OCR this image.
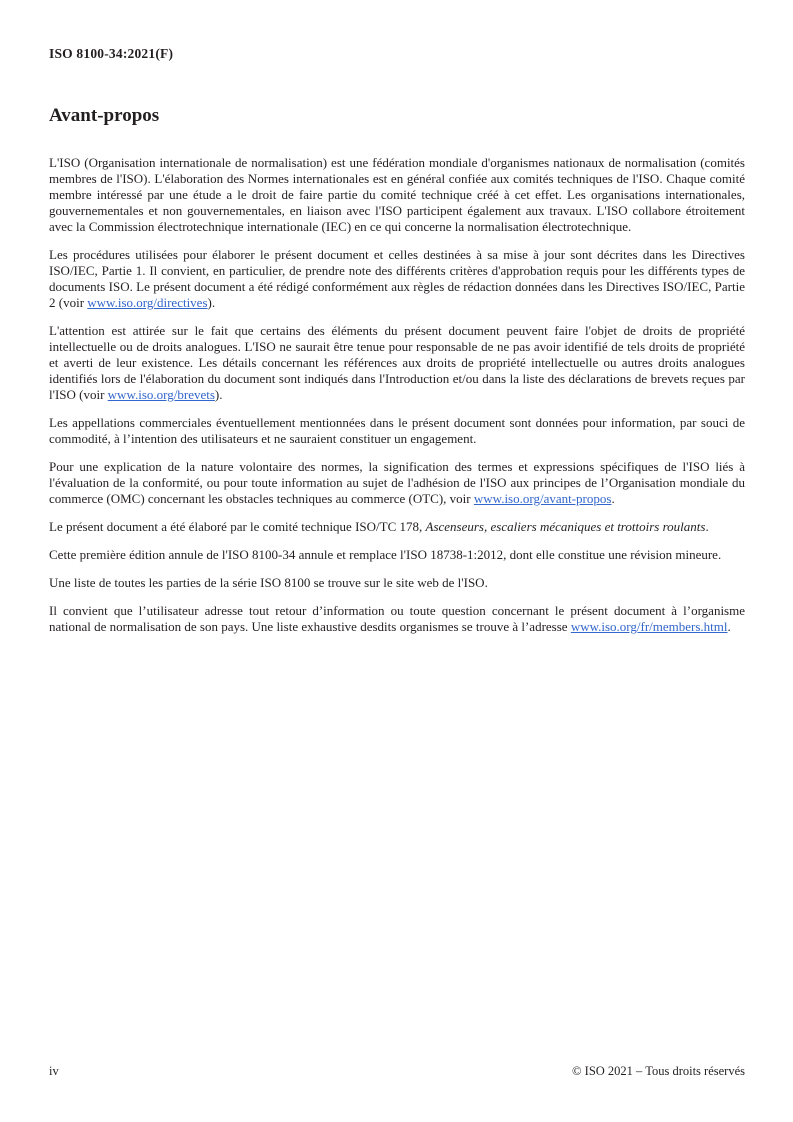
ISO 8100-34:2021(F)
Avant-propos

L'ISO (Organisation internationale de normalisation) est une fédération mondiale d'organismes nationaux de normalisation (comités membres de l'ISO). L'élaboration des Normes internationales est en général confiée aux comités techniques de l'ISO. Chaque comité membre intéressé par une étude a le droit de faire partie du comité technique créé à cet effet. Les organisations internationales, gouvernementales et non gouvernementales, en liaison avec l'ISO participent également aux travaux. L'ISO collabore étroitement avec la Commission électrotechnique internationale (IEC) en ce qui concerne la normalisation électrotechnique.

Les procédures utilisées pour élaborer le présent document et celles destinées à sa mise à jour sont décrites dans les Directives ISO/IEC, Partie 1. Il convient, en particulier, de prendre note des différents critères d'approbation requis pour les différents types de documents ISO. Le présent document a été rédigé conformément aux règles de rédaction données dans les Directives ISO/IEC, Partie 2 (voir www.iso.org/directives).

L'attention est attirée sur le fait que certains des éléments du présent document peuvent faire l'objet de droits de propriété intellectuelle ou de droits analogues. L'ISO ne saurait être tenue pour responsable de ne pas avoir identifié de tels droits de propriété et averti de leur existence. Les détails concernant les références aux droits de propriété intellectuelle ou autres droits analogues identifiés lors de l'élaboration du document sont indiqués dans l'Introduction et/ou dans la liste des déclarations de brevets reçues par l'ISO (voir www.iso.org/brevets).

Les appellations commerciales éventuellement mentionnées dans le présent document sont données pour information, par souci de commodité, à l’intention des utilisateurs et ne sauraient constituer un engagement.

Pour une explication de la nature volontaire des normes, la signification des termes et expressions spécifiques de l'ISO liés à l'évaluation de la conformité, ou pour toute information au sujet de l'adhésion de l'ISO aux principes de l’Organisation mondiale du commerce (OMC) concernant les obstacles techniques au commerce (OTC), voir www.iso.org/avant-propos.

Le présent document a été élaboré par le comité technique ISO/TC 178, Ascenseurs, escaliers mécaniques et trottoirs roulants.

Cette première édition annule de l'ISO 8100-34 annule et remplace l'ISO 18738-1:2012, dont elle constitue une révision mineure.

Une liste de toutes les parties de la série ISO 8100 se trouve sur le site web de l'ISO.

Il convient que l’utilisateur adresse tout retour d’information ou toute question concernant le présent document à l’organisme national de normalisation de son pays. Une liste exhaustive desdits organismes se trouve à l’adresse www.iso.org/fr/members.html.

iv	© ISO 2021 – Tous droits réservés
